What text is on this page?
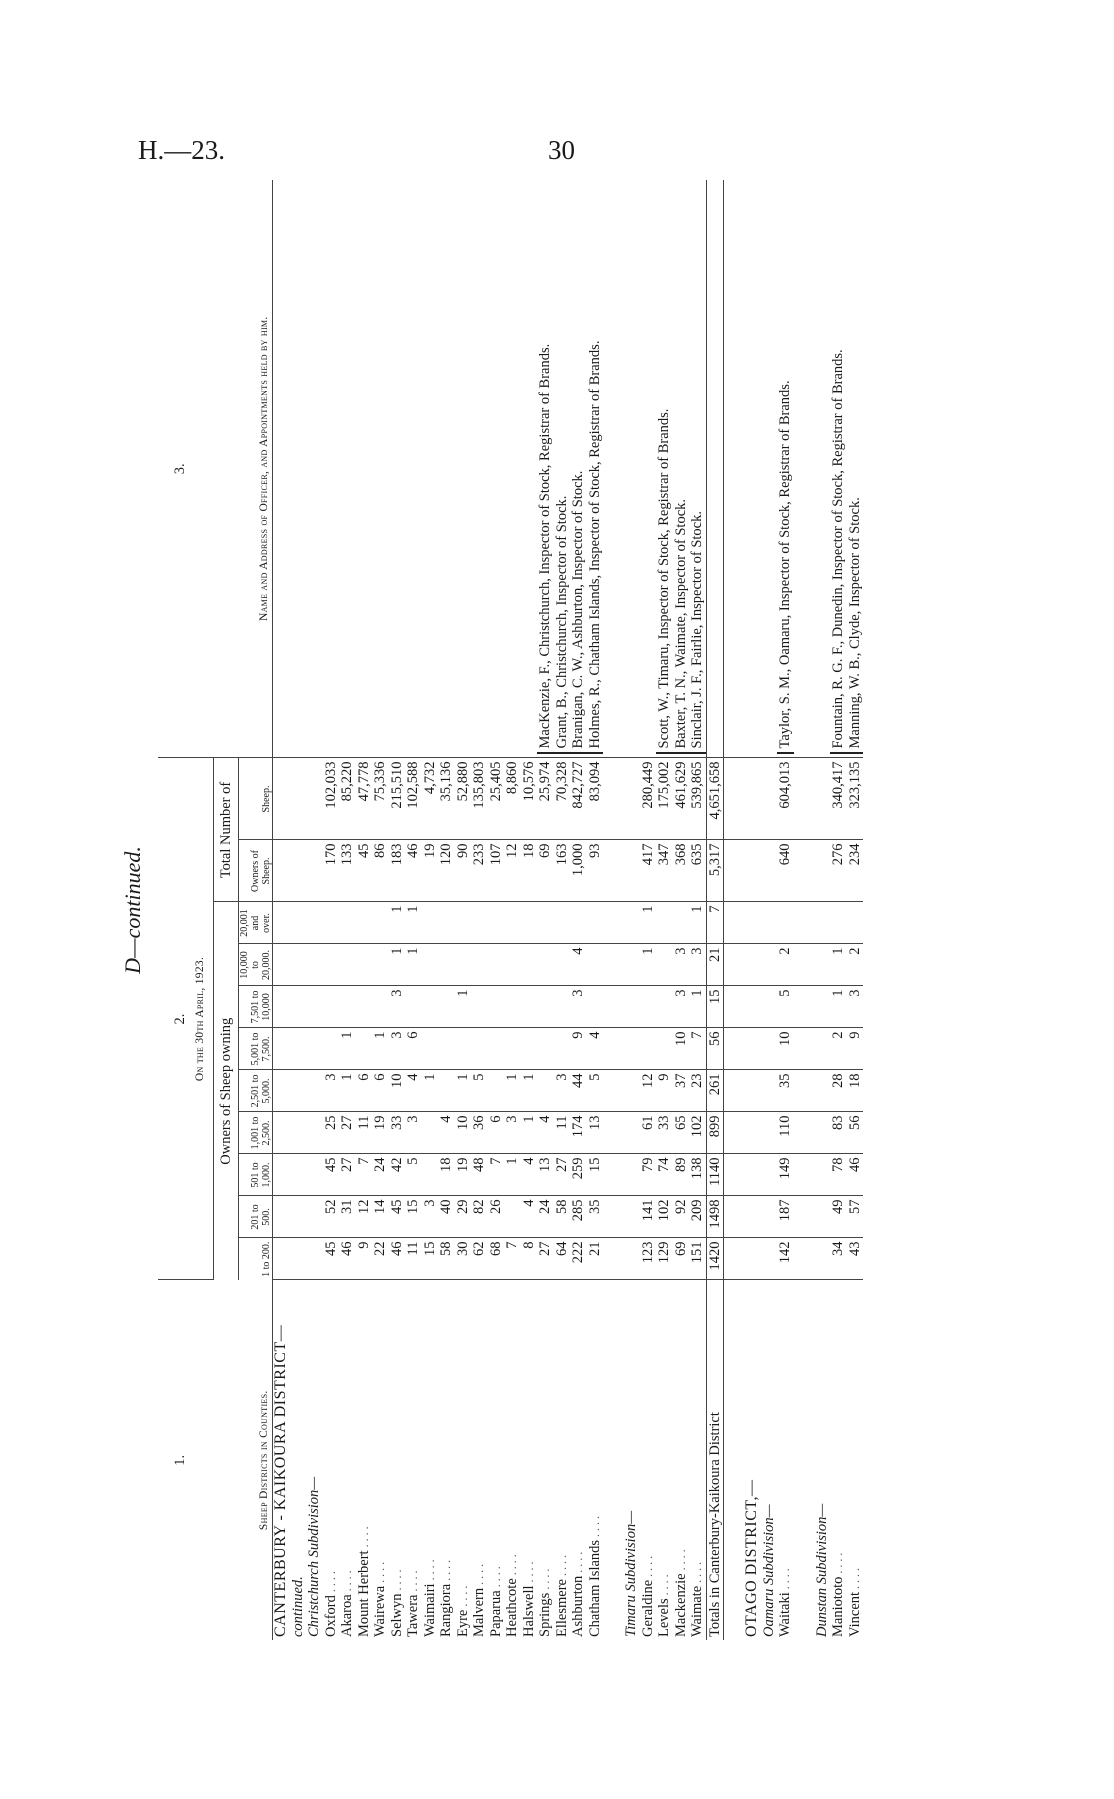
H.—23.	30
D—continued.
1.	2.											3.
Sheep Districts in Counties.	On the 30th April, 1923.											Name and Address of Officer, and Appointments held by him.
	Owners of Sheep owning									Total Number of		
	1 to 200.	201 to 500.	501 to 1,000.	1,001 to 2,500.	2,501 to 5,000.	5,001 to 7,500.	7,501 to 10,000	10,000 to 20,000.	20,001 and over.	Owners of Sheep.	Sheep.	
CANTERBURY - KAIKOURA DISTRICT—												
continued.												
Christchurch Subdivision—												
Oxford . . . .	45	52	45	25	3					170	102,033	MacKenzie, F., Christchurch, Inspector of Stock, Registrar of Brands. Grant, B., Christchurch, Inspector of Stock. Branigan, C. W., Ashburton, Inspector of Stock. Holmes, R., Chatham Islands, Inspector of Stock, Registrar of Brands.

Akaroa . . . .	46	31	27	27	1	1				133	85,220	
Mount Herbert . . . .	9	12	7	11	6					45	47,778	
Wairewa . . . .	22	14	24	19	6	1				86	75,336	
Selwyn . . . .	46	45	42	33	10	3	3	1	1	183	215,510	
Tawera . . . .	11	15	5	3	4	6		1	1	46	102,588	
Waimairi . . . .	15	3			1					19	4,732	
Rangiora . . . .	58	40	18	4						120	35,136	
Eyre . . . .	30	29	19	10	1		1			90	52,880	
Malvern . . . .	62	82	48	36	5					233	135,803	
Paparua . . . .	68	26	7	6						107	25,405	
Heathcote . . . .	7		1	3	1					12	8,860	
Halswell . . . .	8	4	4	1	1					18	10,576	
Springs . . . .	27	24	13	4						69	25,974	
Ellesmere . . . .	64	58	27	11	3					163	70,328	
Ashburton . . . .	222	285	259	174	44	9	3	4		1,000	842,727	
Chatham Islands . . . .	21	35	15	13	5	4				93	83,094	

Timaru Subdivision—												
Geraldine . . . .	123	141	79	61	12			1	1	417	280,449	Scott, W., Timaru, Inspector of Stock, Registrar of Brands. Baxter, T. N., Waimate, Inspector of Stock. Sinclair, J. F., Fairlie, Inspector of Stock.

Levels . . . .	129	102	74	33	9					347	175,002	
Mackenzie . . . .	69	92	89	65	37	10	3	3		368	461,629	
Waimate . . . .	151	209	138	102	23	7	1	3	1	635	539,865	
Totals in Canterbury-Kaikoura District	1420	1498	1140	899	261	56	15	21	7	5,317	4,651,658	

OTAGO DISTRICT,—												
Oamaru Subdivision—												
Waitaki . . . .	142	187	149	110	35	10	5	2		640	604,013	Taylor, S. M., Oamaru, Inspector of Stock, Registrar of Brands.

Dunstan Subdivision—												
Maniototo . . . .	34	49	78	83	28	2	1	1		276	340,417	Fountain, R. G. F., Dunedin, Inspector of Stock, Registrar of Brands. Manning, W. B., Clyde, Inspector of Stock.

Vincent . . . .	43	57	46	56	18	9	3	2		234	323,135	
